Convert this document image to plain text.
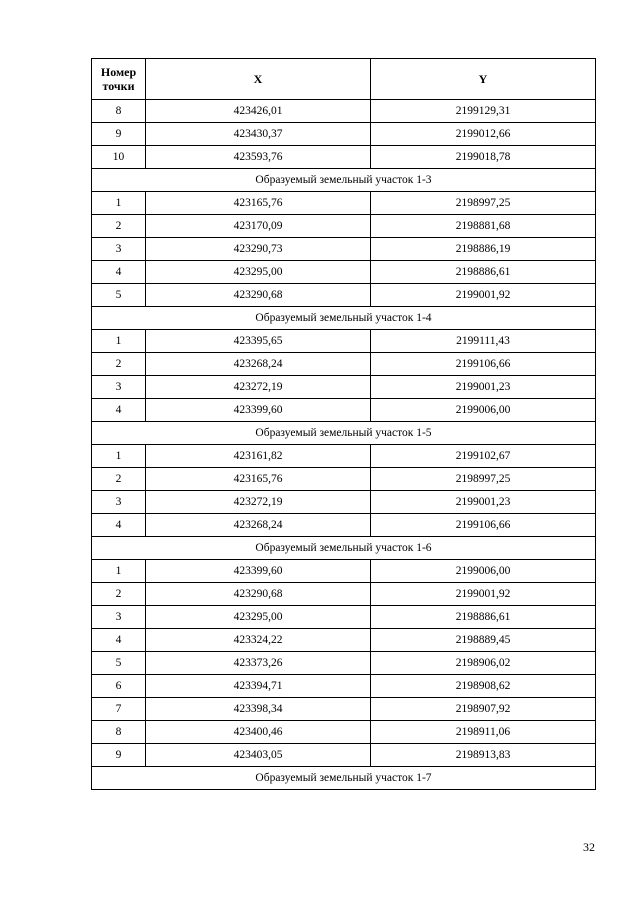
Номер
точки	X	Y
8	423426,01	2199129,31
9	423430,37	2199012,66
10	423593,76	2199018,78
Образуемый земельный участок 1-3		
1	423165,76	2198997,25
2	423170,09	2198881,68
3	423290,73	2198886,19
4	423295,00	2198886,61
5	423290,68	2199001,92
Образуемый земельный участок 1-4		
1	423395,65	2199111,43
2	423268,24	2199106,66
3	423272,19	2199001,23
4	423399,60	2199006,00
Образуемый земельный участок 1-5		
1	423161,82	2199102,67
2	423165,76	2198997,25
3	423272,19	2199001,23
4	423268,24	2199106,66
Образуемый земельный участок 1-6		
1	423399,60	2199006,00
2	423290,68	2199001,92
3	423295,00	2198886,61
4	423324,22	2198889,45
5	423373,26	2198906,02
6	423394,71	2198908,62
7	423398,34	2198907,92
8	423400,46	2198911,06
9	423403,05	2198913,83
Образуемый земельный участок 1-7		
32
